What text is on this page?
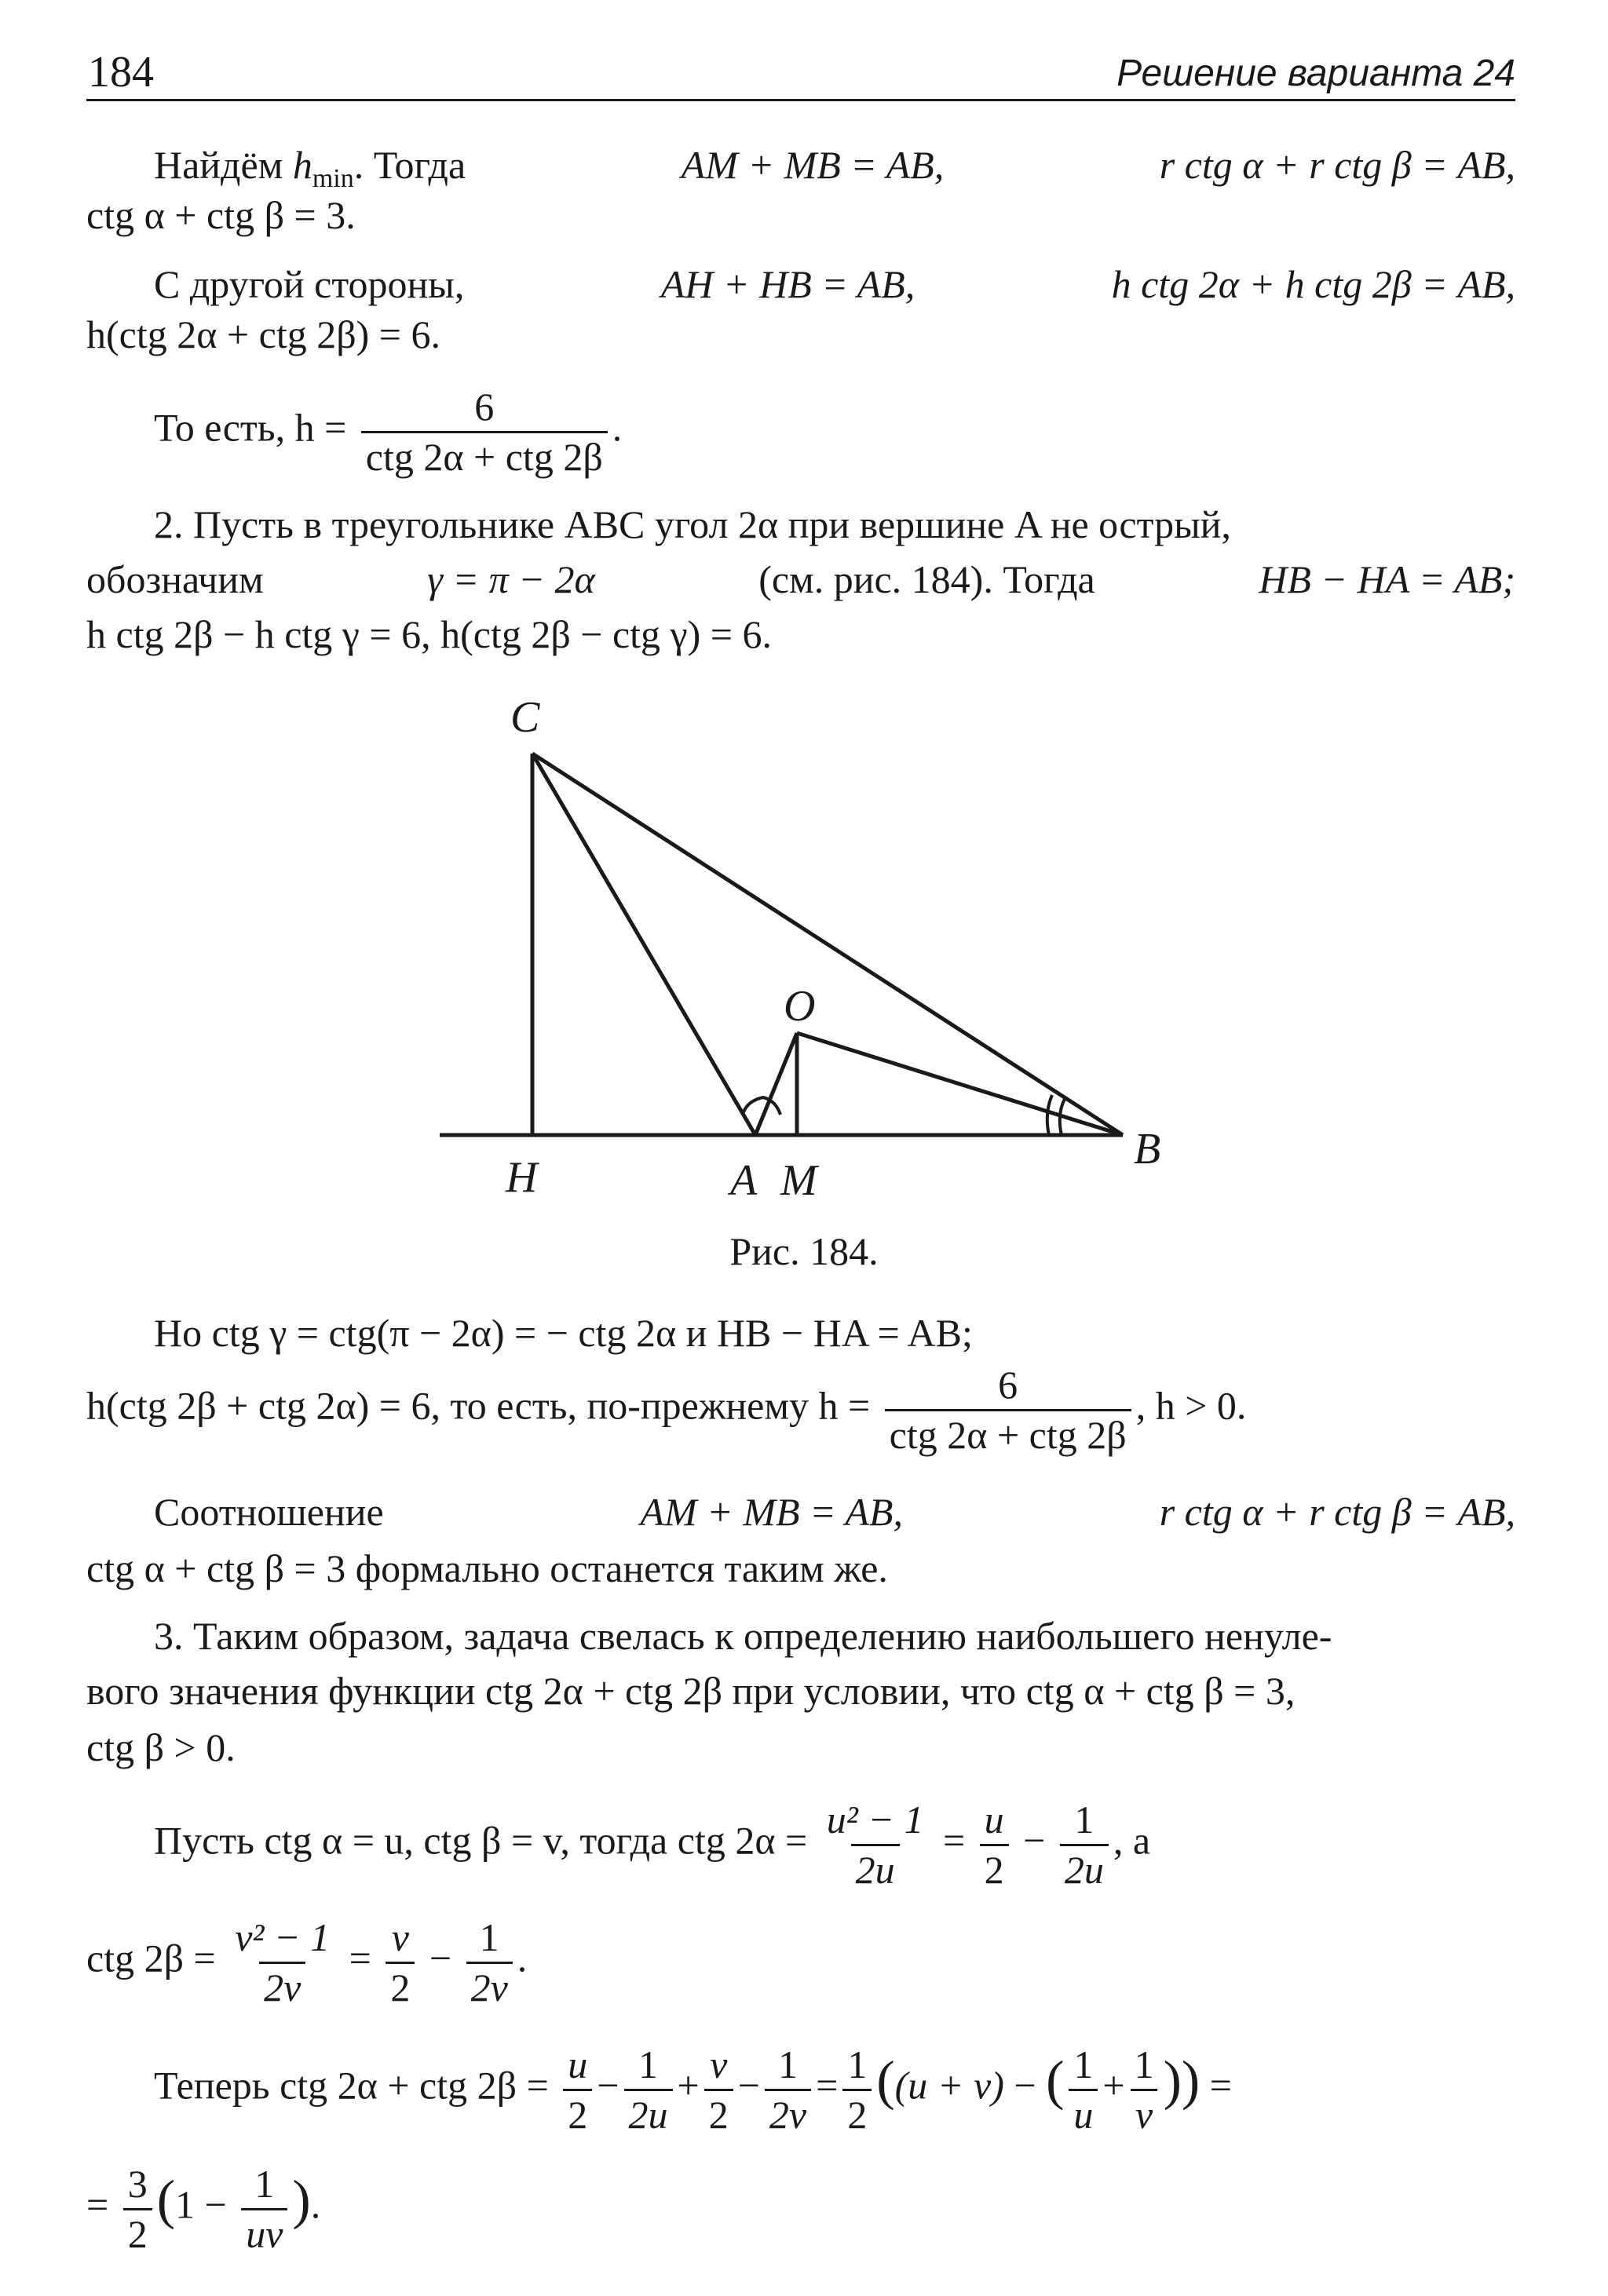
184	Решение варианта 24
Найдём $h_{min}$. Тогда	AM + MB = AB,	r ctg α + r ctg β = AB,
ctg α + ctg β = 3.
С другой стороны,	AH + HB = AB,	h ctg 2α + h ctg 2β = AB,
h(ctg 2α + ctg 2β) = 6.
То есть, $h = \frac{6}{\text{ctg 2α + ctg 2β}}$ .
2. Пусть в треугольнике ABC угол 2α при вершине A не острый,
обозначим	γ = π − 2α	(см. рис. 184). Тогда	HB − HA = AB;
h ctg 2β − h ctg γ = 6, h(ctg 2β − ctg γ) = 6.
C
O
H	A M
B
Рис. 184.
Но ctg γ = ctg(π − 2α) = − ctg 2α и HB − HA = AB;
h(ctg 2β + ctg 2α) = 6, то есть, по-прежнему $h = \frac{6}{\text{ctg 2α + ctg 2β}}$ , h > 0.
Соотношение	AM + MB = AB,	r ctg α + r ctg β = AB,
ctg α + ctg β = 3 формально останется таким же.
3. Таким образом, задача свелась к определению наибольшего ненуле-
вого значения функции ctg 2α + ctg 2β при условии, что ctg α + ctg β = 3,
ctg β > 0.
Пусть ctg α = u, ctg β = v, тогда ctg $2\alpha = \frac{\text{u² − 1}}{2u} = \frac{u}{2} - \frac{1}{2u}$ , а
ctg $2\beta = \frac{\text{v² − 1}}{2v} = \frac{v}{2} - \frac{1}{2v}$ .
Теперь ctg 2α + ctg $2\beta = \frac{u}{2} - \frac{1}{2u} + \frac{v}{2} - \frac{1}{2v} = \frac{1}{2} ((u + v)$ − ( $\frac{1}{u} + \frac{1}{v}$ )) =
= $\frac{3}{2} (1 - \frac{1}{uv}$ ).
